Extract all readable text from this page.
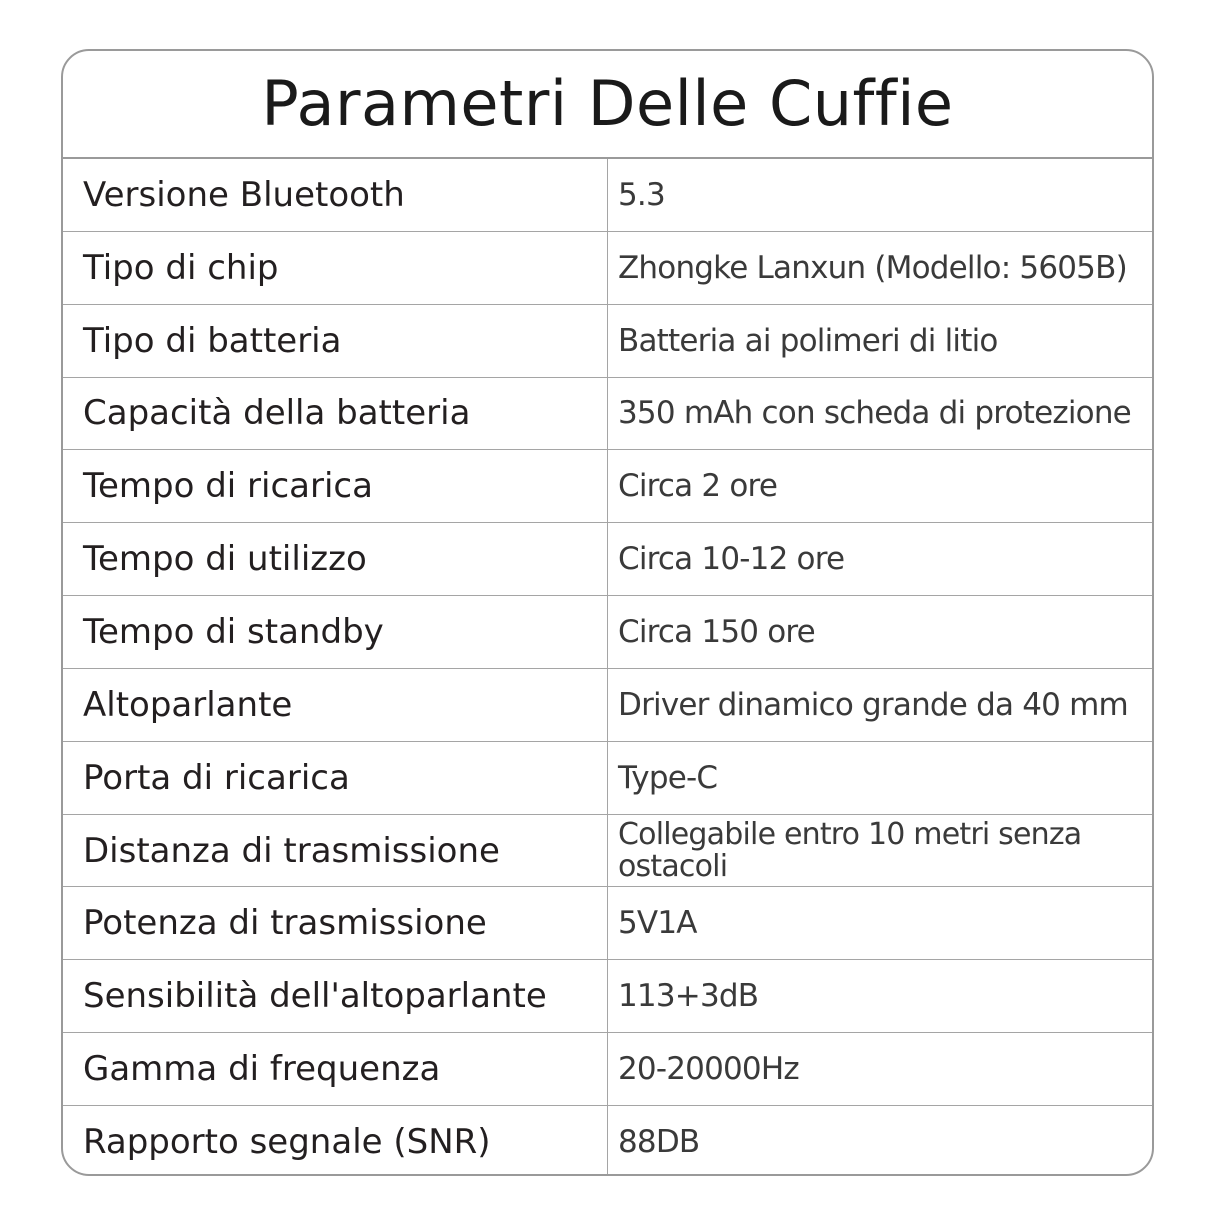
Parametri Delle Cuffie
Versione Bluetooth	5.3
Tipo di chip	Zhongke Lanxun (Modello: 5605B)
Tipo di batteria	Batteria ai polimeri di litio
Capacità della batteria	350 mAh con scheda di protezione
Tempo di ricarica	Circa 2 ore
Tempo di utilizzo	Circa 10-12 ore
Tempo di standby	Circa 150 ore
Altoparlante	Driver dinamico grande da 40 mm
Porta di ricarica	Type-C
Distanza di trasmissione	Collegabile entro 10 metri senza ostacoli
Potenza di trasmissione	5V1A
Sensibilità dell'altoparlante	113+3dB
Gamma di frequenza	20-20000Hz
Rapporto segnale (SNR)	88DB
